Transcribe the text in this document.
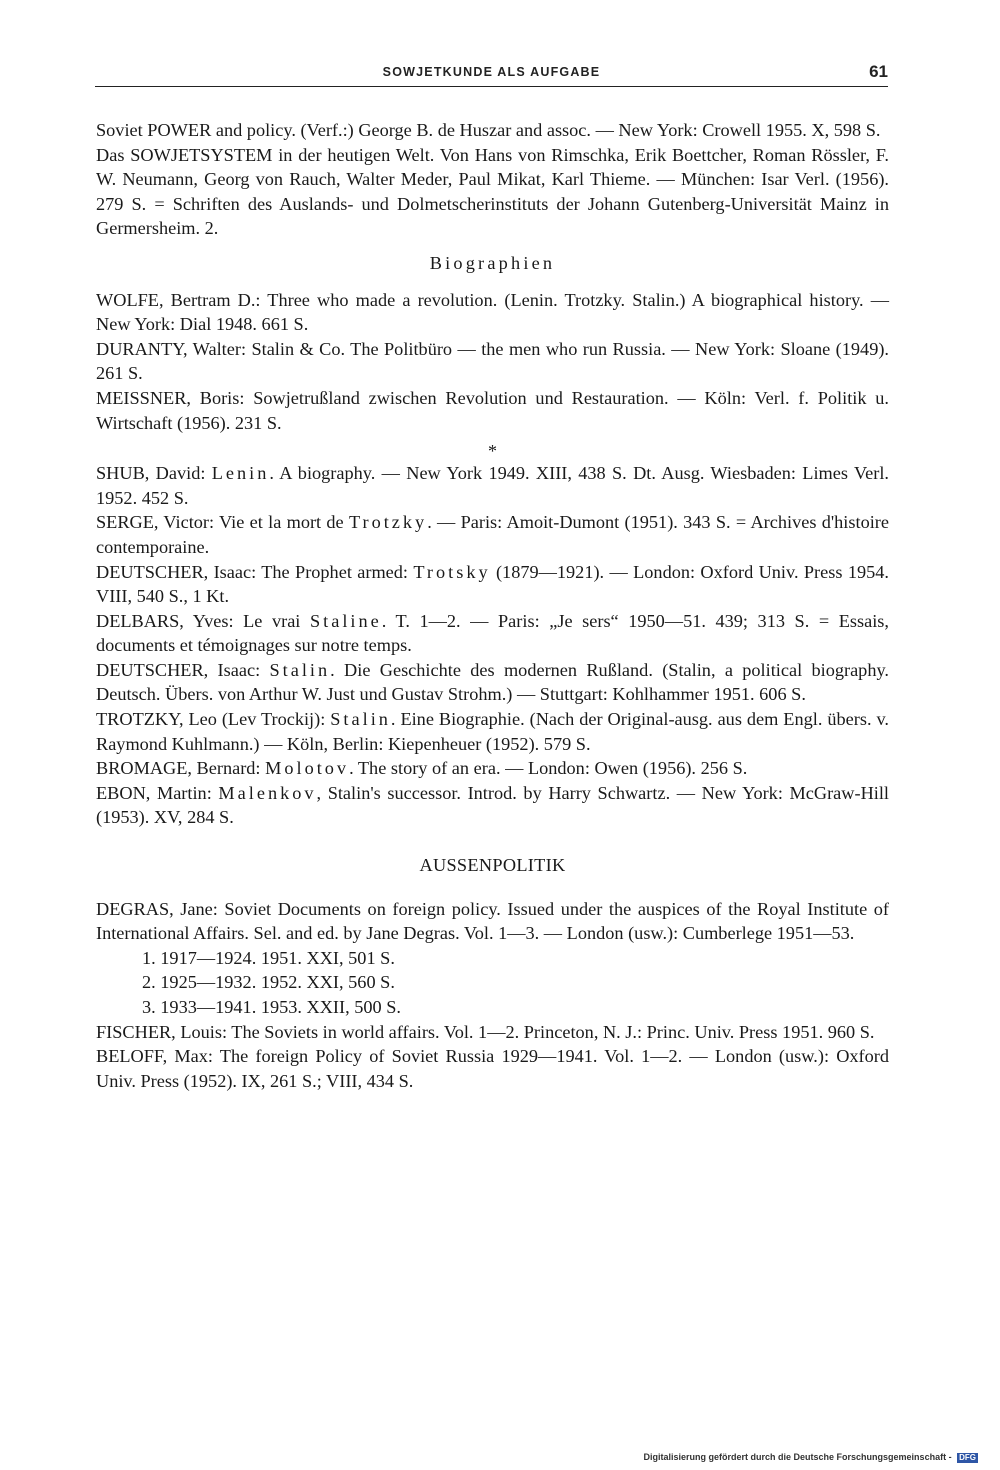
SOWJETKUNDE ALS AUFGABE	61
Soviet POWER and policy. (Verf.:) George B. de Huszar and assoc. — New York: Crowell 1955. X, 598 S.
Das SOWJETSYSTEM in der heutigen Welt. Von Hans von Rimschka, Erik Boettcher, Roman Rössler, F. W. Neumann, Georg von Rauch, Walter Meder, Paul Mikat, Karl Thieme. — München: Isar Verl. (1956). 279 S. = Schriften des Auslands- und Dolmetscherinstituts der Johann Gutenberg-Universität Mainz in Germersheim. 2.
Biographien
WOLFE, Bertram D.: Three who made a revolution. (Lenin. Trotzky. Stalin.) A biographical history. — New York: Dial 1948. 661 S.
DURANTY, Walter: Stalin & Co. The Politbüro — the men who run Russia. — New York: Sloane (1949). 261 S.
MEISSNER, Boris: Sowjetrußland zwischen Revolution und Restauration. — Köln: Verl. f. Politik u. Wirtschaft (1956). 231 S.
*
SHUB, David: Lenin. A biography. — New York 1949. XIII, 438 S. Dt. Ausg. Wiesbaden: Limes Verl. 1952. 452 S.
SERGE, Victor: Vie et la mort de Trotzky. — Paris: Amoit-Dumont (1951). 343 S. = Archives d'histoire contemporaine.
DEUTSCHER, Isaac: The Prophet armed: Trotsky (1879—1921). — London: Oxford Univ. Press 1954. VIII, 540 S., 1 Kt.
DELBARS, Yves: Le vrai Staline. T. 1—2. — Paris: „Je sers“ 1950—51. 439; 313 S. = Essais, documents et témoignages sur notre temps.
DEUTSCHER, Isaac: Stalin. Die Geschichte des modernen Rußland. (Stalin, a political biography. Deutsch. Übers. von Arthur W. Just und Gustav Strohm.) — Stuttgart: Kohlhammer 1951. 606 S.
TROTZKY, Leo (Lev Trockij): Stalin. Eine Biographie. (Nach der Original-ausg. aus dem Engl. übers. v. Raymond Kuhlmann.) — Köln, Berlin: Kiepenheuer (1952). 579 S.
BROMAGE, Bernard: Molotov. The story of an era. — London: Owen (1956). 256 S.
EBON, Martin: Malenkov, Stalin's successor. Introd. by Harry Schwartz. — New York: McGraw-Hill (1953). XV, 284 S.
AUSSENPOLITIK
DEGRAS, Jane: Soviet Documents on foreign policy. Issued under the auspices of the Royal Institute of International Affairs. Sel. and ed. by Jane Degras. Vol. 1—3. — London (usw.): Cumberlege 1951—53.
1. 1917—1924. 1951. XXI, 501 S.
2. 1925—1932. 1952. XXI, 560 S.
3. 1933—1941. 1953. XXII, 500 S.
FISCHER, Louis: The Soviets in world affairs. Vol. 1—2. Princeton, N. J.: Princ. Univ. Press 1951. 960 S.
BELOFF, Max: The foreign Policy of Soviet Russia 1929—1941. Vol. 1—2. — London (usw.): Oxford Univ. Press (1952). IX, 261 S.; VIII, 434 S.
Digitalisierung gefördert durch die Deutsche Forschungsgemeinschaft - DFG
